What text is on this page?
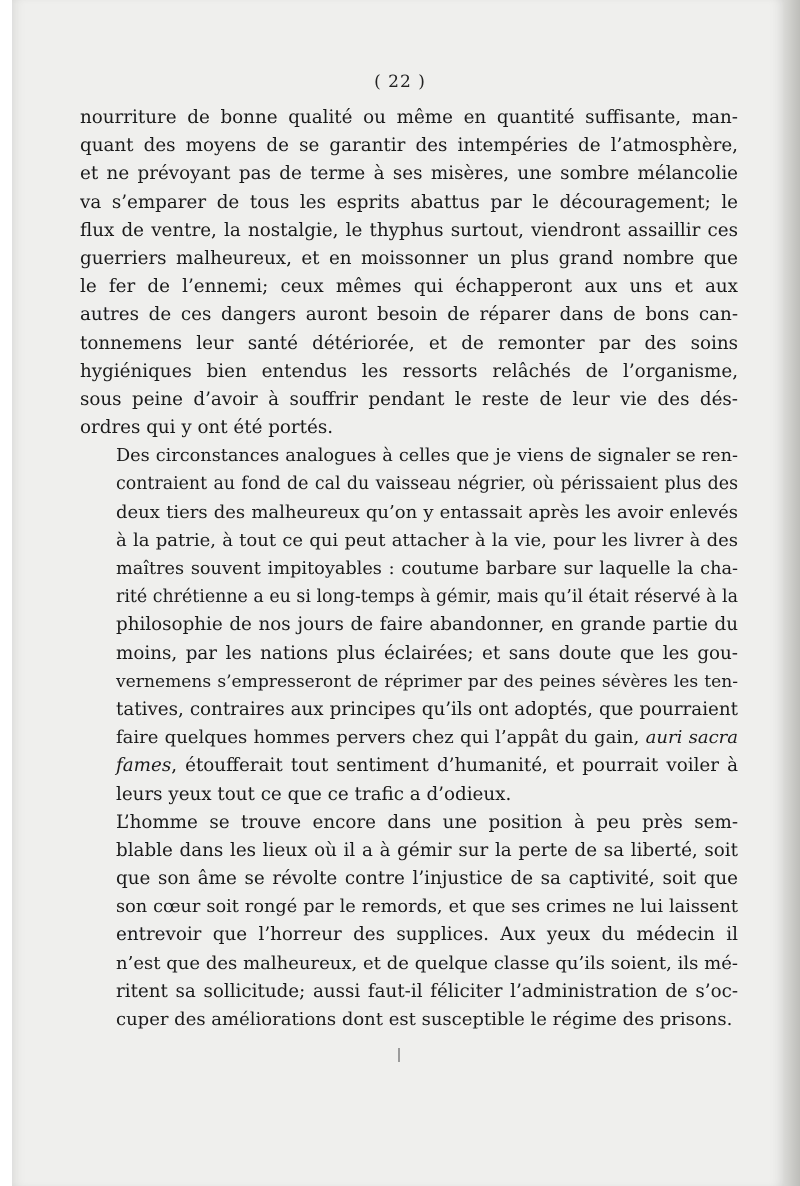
( 22 )
nourriture de bonne qualité ou même en quantité suffisante, man-
quant des moyens de se garantir des intempéries de l’atmosphère,
et ne prévoyant pas de terme à ses misères, une sombre mélancolie
va s’emparer de tous les esprits abattus par le découragement; le
flux de ventre, la nostalgie, le thyphus surtout, viendront assaillir ces
guerriers malheureux, et en moissonner un plus grand nombre que
le fer de l’ennemi; ceux mêmes qui échapperont aux uns et aux
autres de ces dangers auront besoin de réparer dans de bons can-
tonnemens leur santé détériorée, et de remonter par des soins
hygiéniques bien entendus les ressorts relâchés de l’organisme,
sous peine d’avoir à souffrir pendant le reste de leur vie des dés-
ordres qui y ont été portés.
Des circonstances analogues à celles que je viens de signaler se ren-
contraient au fond de cal du vaisseau négrier, où périssaient plus des
deux tiers des malheureux qu’on y entassait après les avoir enlevés
à la patrie, à tout ce qui peut attacher à la vie, pour les livrer à des
maîtres souvent impitoyables : coutume barbare sur laquelle la cha-
rité chrétienne a eu si long-temps à gémir, mais qu’il était réservé à la
philosophie de nos jours de faire abandonner, en grande partie du
moins, par les nations plus éclairées; et sans doute que les gou-
vernemens s’empresseront de réprimer par des peines sévères les ten-
tatives, contraires aux principes qu’ils ont adoptés, que pourraient
faire quelques hommes pervers chez qui l’appât du gain, auri sacra
fames, étoufferait tout sentiment d’humanité, et pourrait voiler à
leurs yeux tout ce que ce trafic a d’odieux.
L’homme se trouve encore dans une position à peu près sem-
blable dans les lieux où il a à gémir sur la perte de sa liberté, soit
que son âme se révolte contre l’injustice de sa captivité, soit que
son cœur soit rongé par le remords, et que ses crimes ne lui laissent
entrevoir que l’horreur des supplices. Aux yeux du médecin il
n’est que des malheureux, et de quelque classe qu’ils soient, ils mé-
ritent sa sollicitude; aussi faut-il féliciter l’administration de s’oc-
cuper des améliorations dont est susceptible le régime des prisons.
